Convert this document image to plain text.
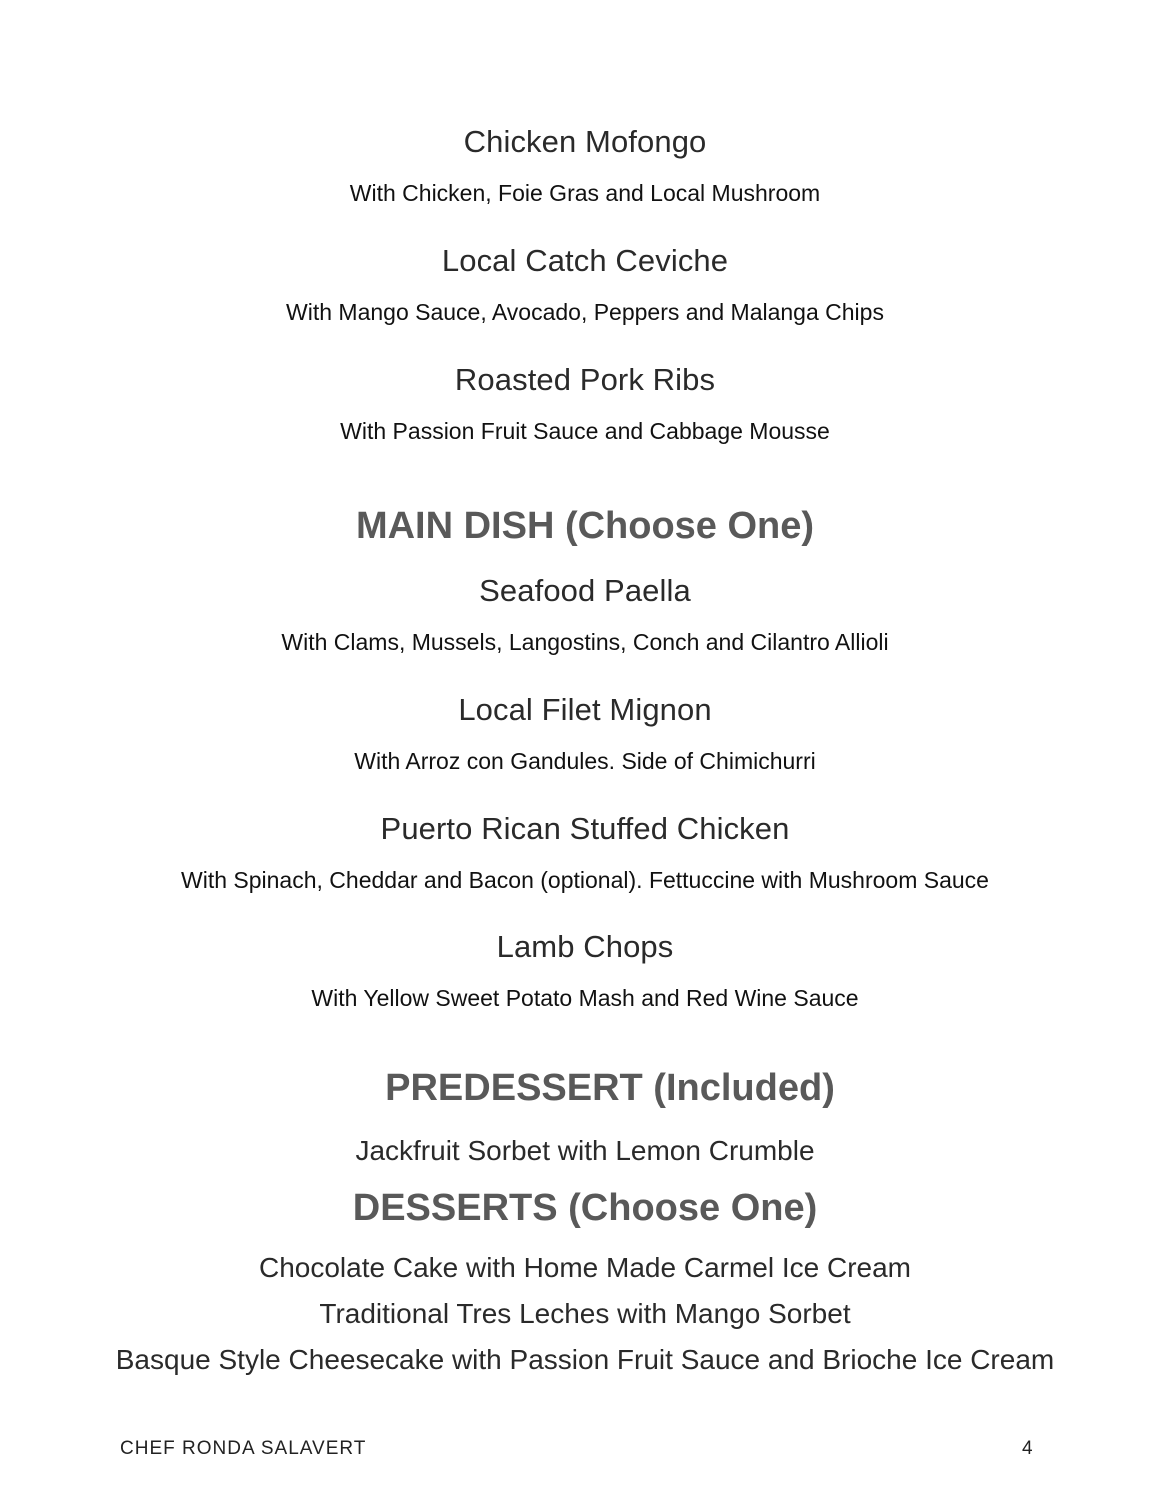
Chicken Mofongo

With Chicken, Foie Gras and Local Mushroom

Local Catch Ceviche

With Mango Sauce, Avocado, Peppers and Malanga Chips

Roasted Pork Ribs

With Passion Fruit Sauce and Cabbage Mousse

MAIN DISH (Choose One)

Seafood Paella

With Clams, Mussels, Langostins, Conch and Cilantro Allioli

Local Filet Mignon

With Arroz con Gandules. Side of Chimichurri

Puerto Rican Stuffed Chicken

With Spinach, Cheddar and Bacon (optional). Fettuccine with Mushroom Sauce

Lamb Chops

With Yellow Sweet Potato Mash and Red Wine Sauce

PREDESSERT (Included)

Jackfruit Sorbet with Lemon Crumble

DESSERTS (Choose One)

Chocolate Cake with Home Made Carmel Ice Cream

Traditional Tres Leches with Mango Sorbet

Basque Style Cheesecake with Passion Fruit Sauce and Brioche Ice Cream

CHEF RONDA SALAVERT	4
